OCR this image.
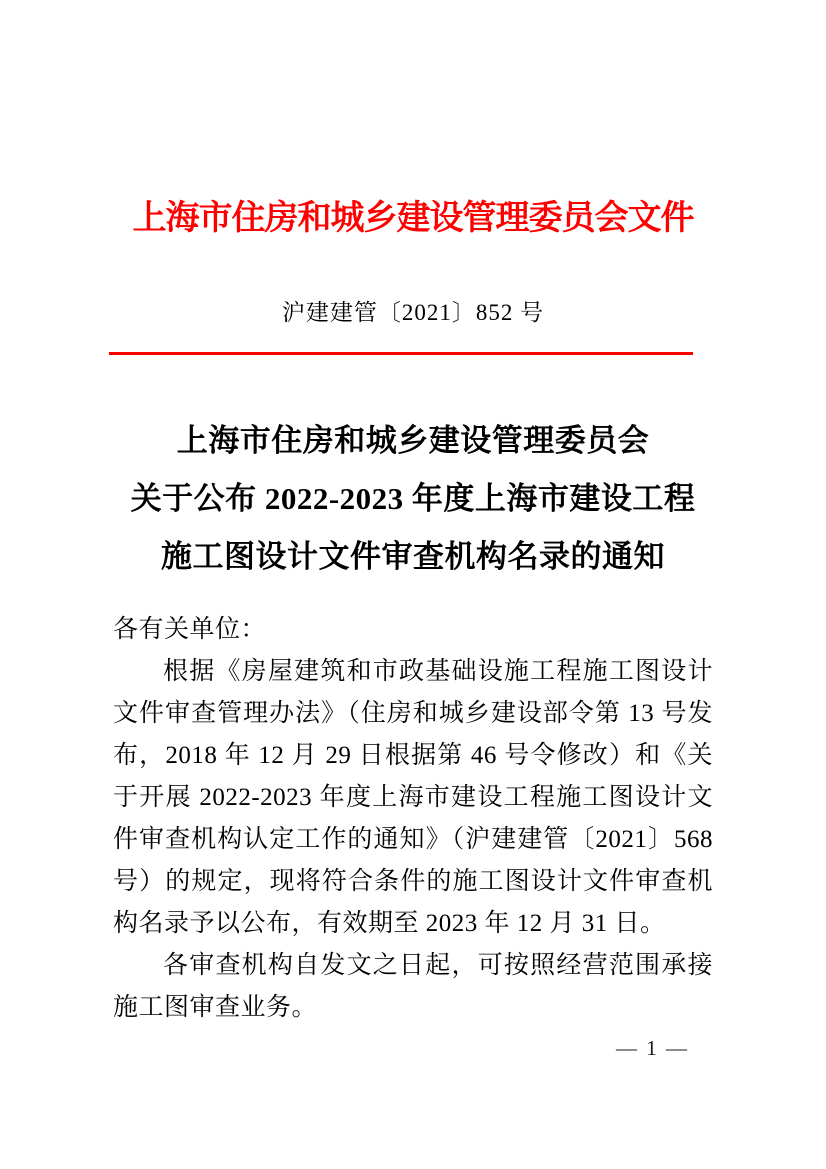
上海市住房和城乡建设管理委员会文件
沪建建管〔2021〕852 号
上海市住房和城乡建设管理委员会
关于公布 2022-2023 年度上海市建设工程
施工图设计文件审查机构名录的通知

各有关单位：

根据《房屋建筑和市政基础设施工程施工图设计文件审查管理办法》（住房和城乡建设部令第 13 号发布，2018 年 12 月 29 日根据第 46 号令修改）和《关于开展 2022-2023 年度上海市建设工程施工图设计文件审查机构认定工作的通知》（沪建建管〔2021〕568 号）的规定，现将符合条件的施工图设计文件审查机构名录予以公布，有效期至 2023 年 12 月 31 日。

各审查机构自发文之日起，可按照经营范围承接施工图审查业务。

— 1 —
